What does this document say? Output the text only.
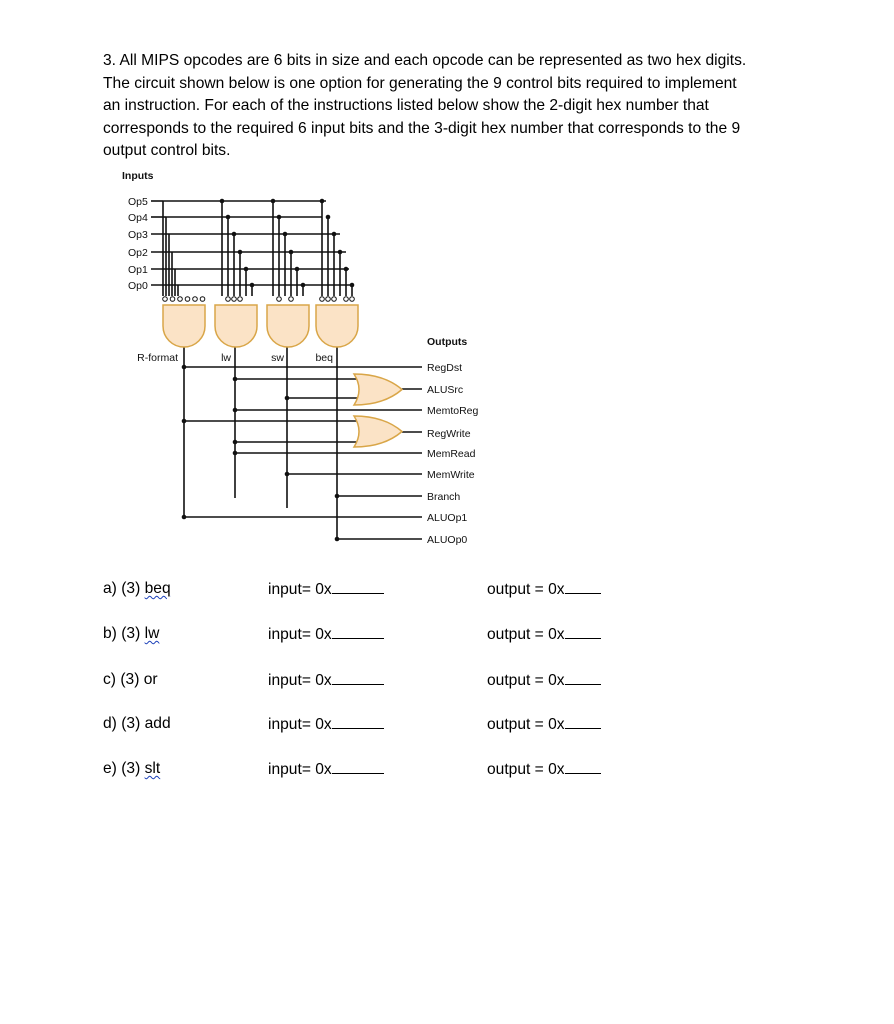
3. All MIPS opcodes are 6 bits in size and each opcode can be represented as two hex digits.

The circuit shown below is one option for generating the 9 control bits required to implement

an instruction. For each of the instructions listed below show the 2-digit hex number that

corresponds to the required 6 input bits and the 3-digit hex number that corresponds to the 9

output control bits.

Inputs
Outputs
Op5
Op4
Op3
Op2
Op1
Op0
R-format	lw	sw	beq
RegDst
ALUSrc
MemtoReg
RegWrite
MemRead
MemWrite
Branch
ALUOp1
ALUOp0
a) (3) beq	input= 0x	output = 0x
b) (3) lw	input= 0x	output = 0x
c) (3) or	input= 0x	output = 0x
d) (3) add	input= 0x	output = 0x
e) (3) slt	input= 0x	output = 0x
